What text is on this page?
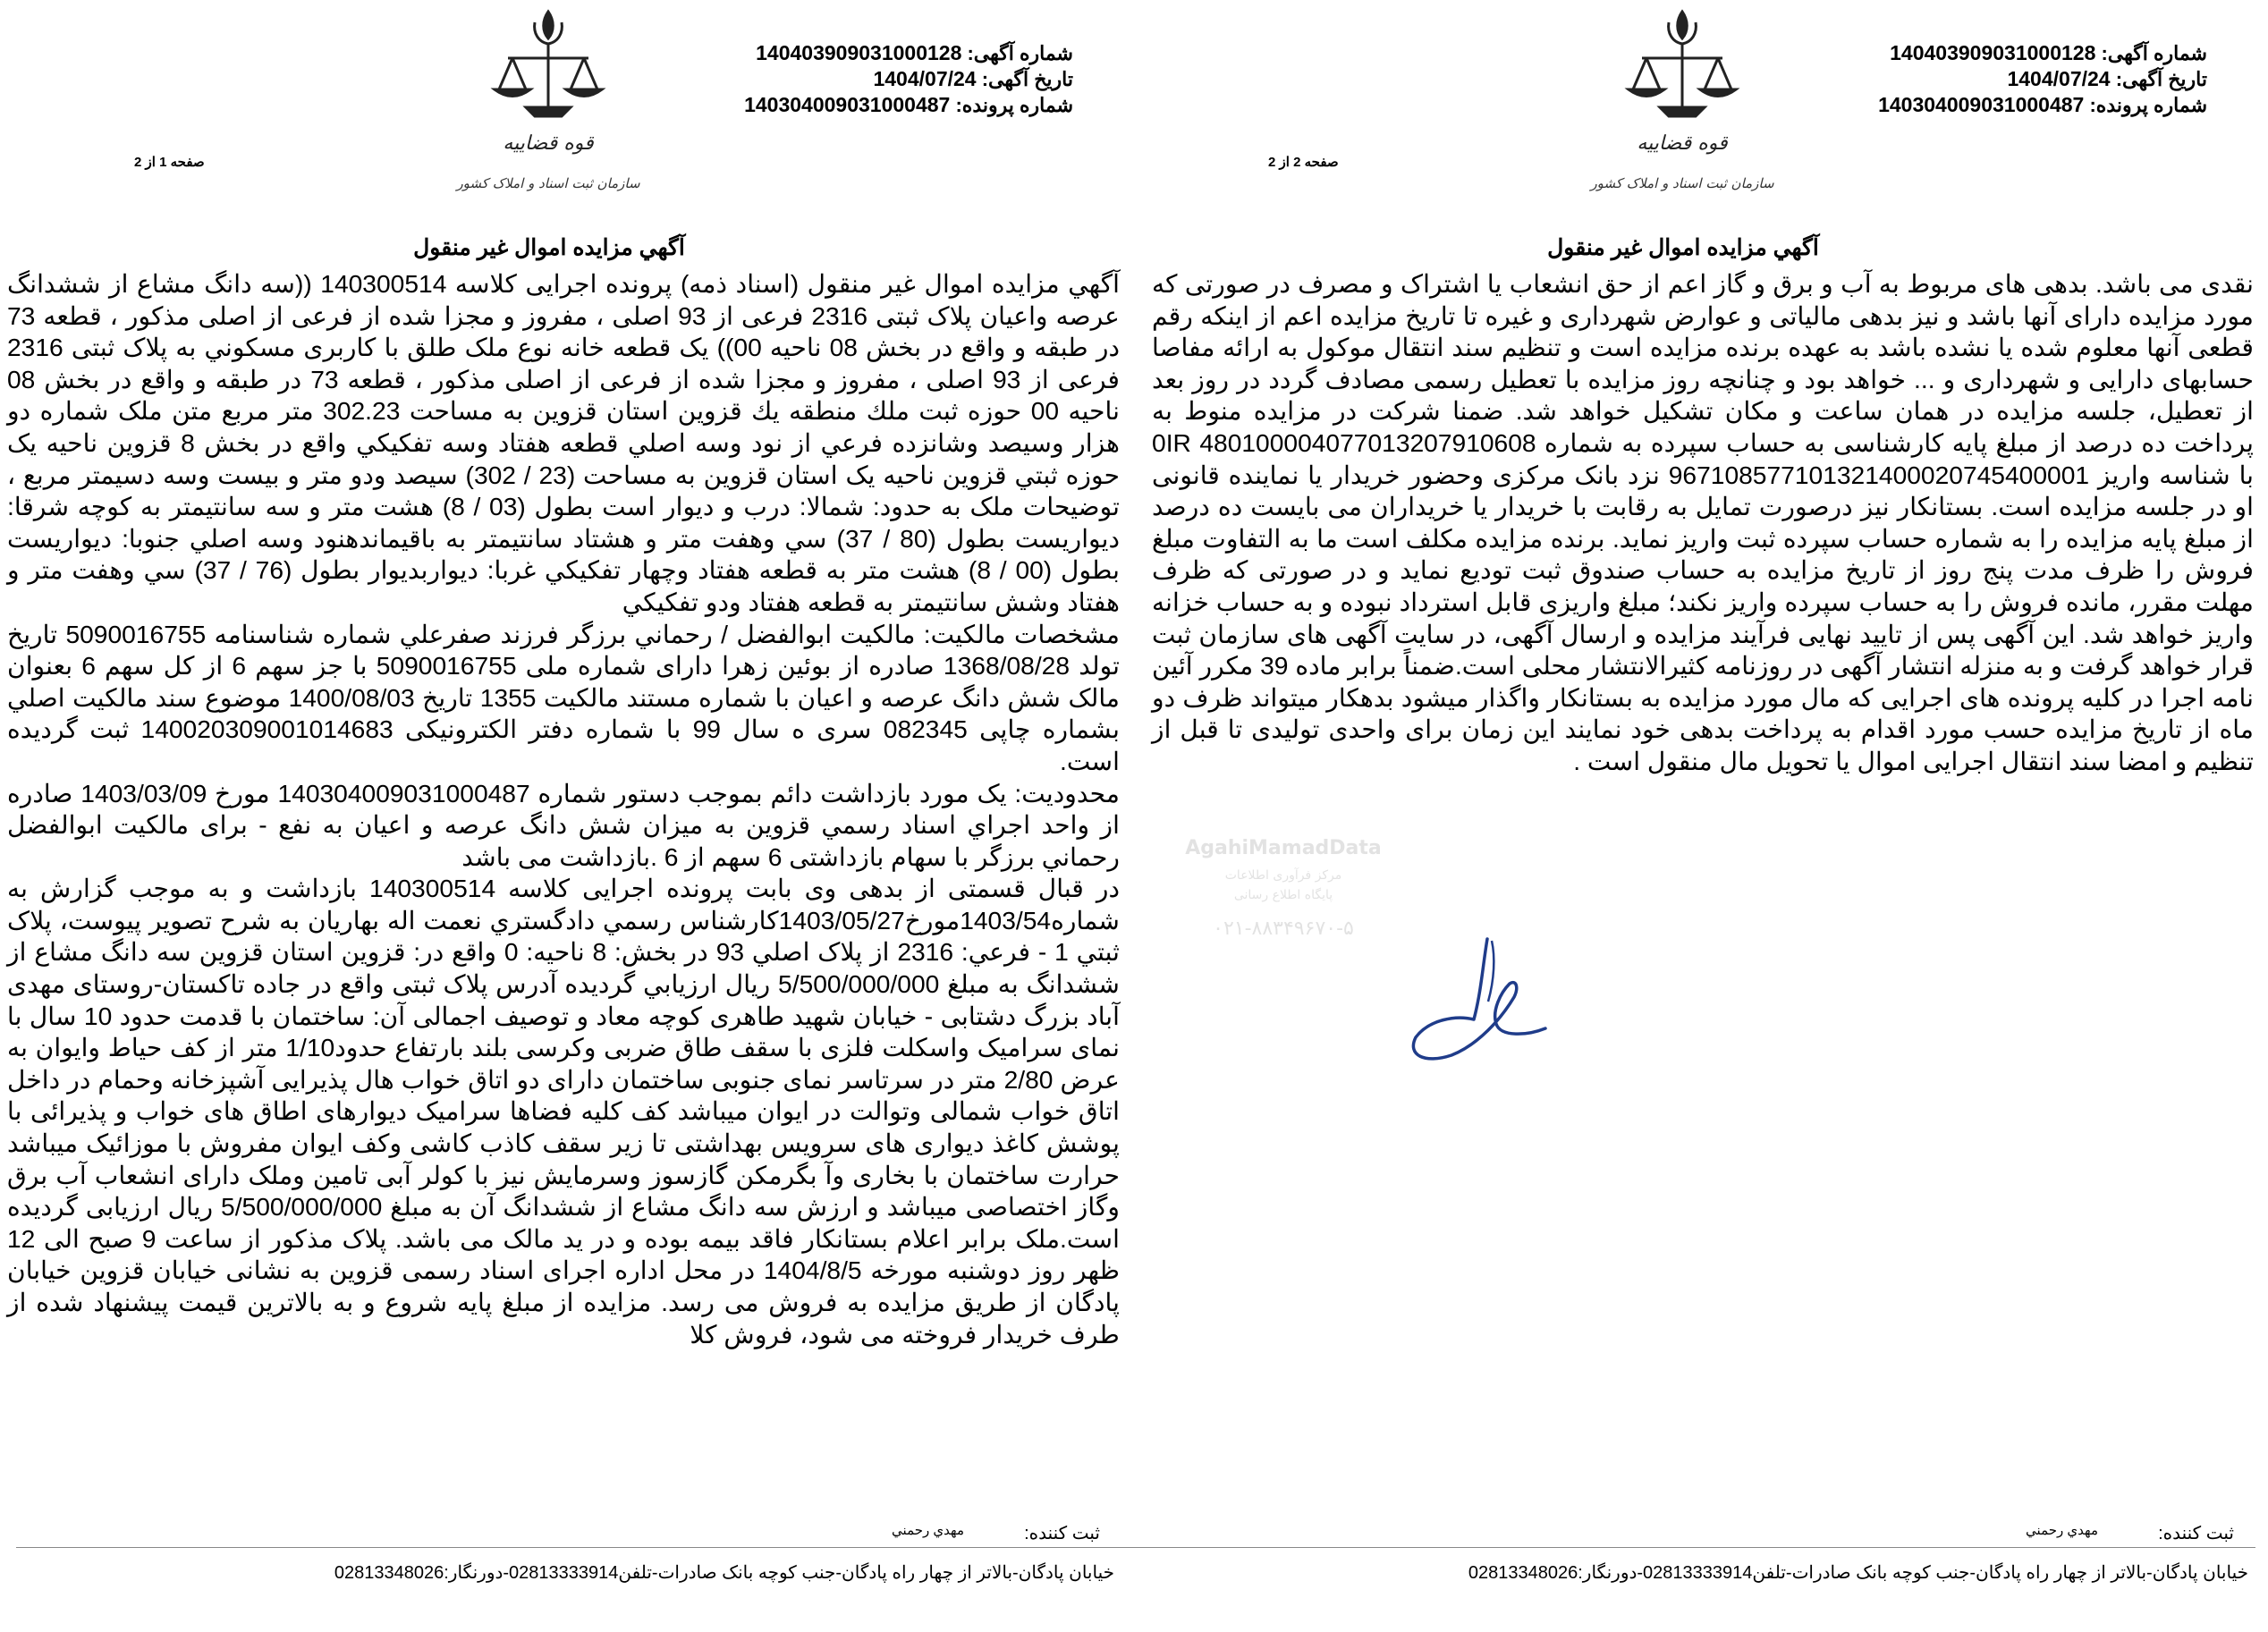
شماره آگهی: 140403909031000128
تاریخ آگهی: 1404/07/24
شماره پرونده: 140304009031000487
قوه قضاییه
سازمان ثبت اسناد و املاک کشور
صفحه 1 از 2
آگهي مزايده اموال غير منقول

آگهي مزايده اموال غير منقول (اسناد ذمه) پرونده اجرایی کلاسه 140300514 ((سه دانگ مشاع از ششدانگ عرصه واعيان پلاک ثبتی 2316 فرعی از 93 اصلی ، مفروز و مجزا شده از فرعی از اصلی مذکور ، قطعه 73 در طبقه و واقع در بخش 08 ناحیه 00)) یک قطعه خانه نوع ملک طلق با کاربری مسکوني به پلاک ثبتی 2316 فرعی از 93 اصلی ، مفروز و مجزا شده از فرعی از اصلی مذکور ، قطعه 73 در طبقه و واقع در بخش 08 ناحیه 00 حوزه ثبت ملك منطقه يك قزوين استان قزوين به مساحت 302.23 متر مربع متن ملک شماره دو هزار وسيصد وشانزده فرعي از نود وسه اصلي قطعه هفتاد وسه تفکيکي واقع در بخش 8 قزوين ناحيه يک حوزه ثبتي قزوين ناحيه يک استان قزوين به مساحت (23 / 302) سيصد ودو متر و بيست وسه دسيمتر مربع ، توضیحات ملک به حدود: شمالا: درب و دیوار است بطول (03 / 8) هشت متر و سه سانتيمتر به کوچه شرقا: ديواريست بطول (80 / 37) سي وهفت متر و هشتاد سانتيمتر به باقيماندهنود وسه اصلي جنوبا: ديواريست بطول (00 / 8) هشت متر به قطعه هفتاد وچهار تفکيکي غربا: ديواربديوار بطول (76 / 37) سي وهفت متر و هفتاد وشش سانتيمتر به قطعه هفتاد ودو تفکيکي

مشخصات مالکیت: مالکيت ابوالفضل / رحماني برزگر فرزند صفرعلي شماره شناسنامه 5090016755 تاريخ تولد 1368/08/28 صادره از بوئين زهرا دارای شماره ملی 5090016755 با جز سهم 6 از کل سهم 6 بعنوان مالک شش دانگ عرصه و اعيان با شماره مستند مالکيت 1355 تاريخ 1400/08/03 موضوع سند مالکيت اصلي بشماره چاپی 082345 سری ه سال 99 با شماره دفتر الکترونیکی 140020309001014683 ثبت گرديده است.

محدوديت: يک مورد بازداشت دائم بموجب دستور شماره 140304009031000487 مورخ 1403/03/09 صادره از واحد اجراي اسناد رسمي قزوين به ميزان شش دانگ عرصه و اعيان به نفع - برای مالکيت ابوالفضل رحماني برزگر با سهام بازداشتی 6 سهم از 6 .بازداشت می باشد

در قبال قسمتی از بدهی وی بابت پرونده اجرایی کلاسه 140300514 بازداشت و به موجب گزارش به شماره1403/54مورخ1403/05/27کارشناس رسمي دادگستري نعمت اله بهاريان به شرح تصوير پيوست، پلاک ثبتي 1 - فرعي: 2316 از پلاک اصلي 93 در بخش: 8 ناحيه: 0 واقع در: قزوين استان قزوين سه دانگ مشاع از ششدانگ به مبلغ 5/500/000/000 ريال ارزيابي گرديده آدرس پلاک ثبتی واقع در جاده تاکستان-روستای مهدی آباد بزرگ دشتابی - خيابان شهيد طاهری کوچه معاد و توصيف اجمالی آن: ساختمان با قدمت حدود 10 سال با نمای سراميک واسکلت فلزی با سقف طاق ضربی وکرسی بلند بارتفاع حدود1/10 متر از کف حياط وايوان به عرض 2/80 متر در سرتاسر نمای جنوبی ساختمان دارای دو اتاق خواب هال پذيرايی آشپزخانه وحمام در داخل اتاق خواب شمالی وتوالت در ايوان ميباشد کف کليه فضاها سراميک ديوارهای اطاق های خواب و پذيرائی با پوشش کاغذ ديواری های سرويس بهداشتی تا زير سقف کاذب کاشی وکف ايوان مفروش با موزائيک ميباشد حرارت ساختمان با بخاری وآ بگرمکن گازسوز وسرمايش نيز با کولر آبی تامين وملک دارای انشعاب آب برق وگاز اختصاصی ميباشد و ارزش سه دانگ مشاع از ششدانگ آن به مبلغ 5/500/000/000 ريال ارزيابی گرديده است.ملک برابر اعلام بستانکار فاقد بيمه بوده و در يد مالک می باشد. پلاک مذکور از ساعت 9 صبح الی 12 ظهر روز دوشنبه مورخه 1404/8/5 در محل اداره اجرای اسناد رسمی قزوين به نشانی خيابان قزوين خيابان پادگان از طريق مزايده به فروش می رسد. مزايده از مبلغ پايه شروع و به بالاترين قيمت پيشنهاد شده از طرف خريدار فروخته می شود، فروش کلا

ثبت كننده:
مهدي رحمني
خيابان پادگان-بالاتر از چهار راه پادگان-جنب کوچه بانک صادرات-تلفن02813333914-دورنگار:02813348026
شماره آگهی: 140403909031000128
تاریخ آگهی: 1404/07/24
شماره پرونده: 140304009031000487
قوه قضاییه
سازمان ثبت اسناد و املاک کشور
صفحه 2 از 2
آگهي مزايده اموال غير منقول

نقدی می باشد. بدهی های مربوط به آب و برق و گاز اعم از حق انشعاب يا اشتراک و مصرف در صورتی که مورد مزايده دارای آنها باشد و نيز بدهی مالياتی و عوارض شهرداری و غيره تا تاريخ مزايده اعم از اينکه رقم قطعی آنها معلوم شده يا نشده باشد به عهده برنده مزايده است و تنظيم سند انتقال موکول به ارائه مفاصا حسابهای دارايی و شهرداری و ... خواهد بود و چنانچه روز مزايده با تعطيل رسمی مصادف گردد در روز بعد از تعطيل، جلسه مزايده در همان ساعت و مکان تشکيل خواهد شد. ضمنا شرکت در مزايده منوط به پرداخت ده درصد از مبلغ پايه کارشناسی به حساب سپرده به شماره IR 480100004077013207910608‏0 با شناسه واريز 967108577101321400020745400001 نزد بانک مرکزی وحضور خريدار يا نماينده قانونی او در جلسه مزايده است. بستانکار نيز درصورت تمايل به رقابت با خريدار يا خريداران می بايست ده درصد از مبلغ پايه مزايده را به شماره حساب سپرده ثبت واريز نمايد. برنده مزايده مکلف است ما به التفاوت مبلغ فروش را ظرف مدت پنج روز از تاريخ مزايده به حساب صندوق ثبت توديع نمايد و در صورتی که ظرف مهلت مقرر، مانده فروش را به حساب سپرده واريز نکند؛ مبلغ واريزی قابل استرداد نبوده و به حساب خزانه واريز خواهد شد. اين آگهی پس از تاييد نهايی فرآيند مزايده و ارسال آگهی، در سايت آگهی های سازمان ثبت قرار خواهد گرفت و به منزله انتشار آگهی در روزنامه کثيرالانتشار محلی است.ضمناً برابر ماده 39 مکرر آئين نامه اجرا در کليه پرونده های اجرايی که مال مورد مزايده به بستانکار واگذار ميشود بدهکار ميتواند ظرف دو ماه از تاريخ مزايده حسب مورد اقدام به پرداخت بدهی خود نمايند اين زمان برای واحدی توليدی تا قبل از تنظيم و امضا سند انتقال اجرايی اموال يا تحويل مال منقول است .

ثبت كننده:
مهدي رحمني
خيابان پادگان-بالاتر از چهار راه پادگان-جنب کوچه بانک صادرات-تلفن02813333914-دورنگار:02813348026
AgahiMamadData
مرکز فرآوری اطلاعات
پایگاه اطلاع رسانی
۰۲۱-۸۸۳۴۹۶۷۰-۵
